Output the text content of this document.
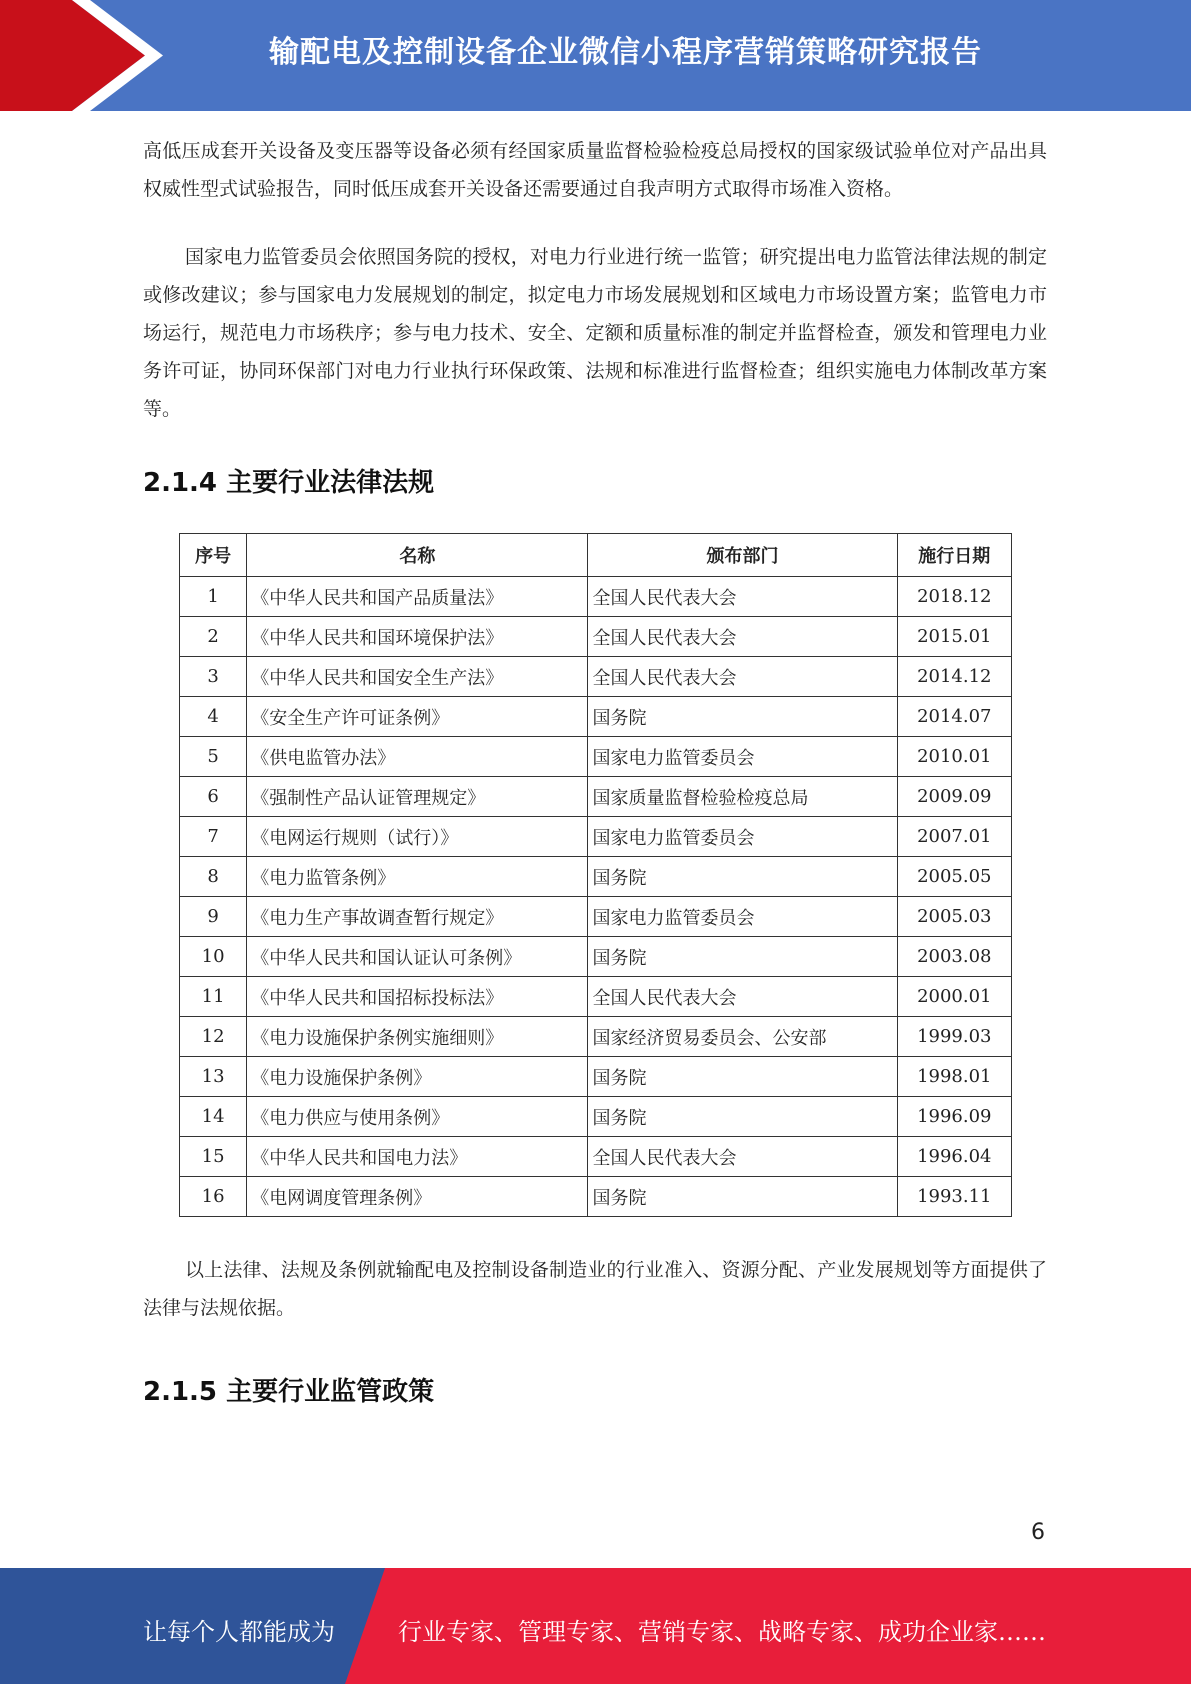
输配电及控制设备企业微信小程序营销策略研究报告

高低压成套开关设备及变压器等设备必须有经国家质量监督检验检疫总局授权的国家级试验单位对产品出具权威性型式试验报告，同时低压成套开关设备还需要通过自我声明方式取得市场准入资格。

国家电力监管委员会依照国务院的授权，对电力行业进行统一监管；研究提出电力监管法律法规的制定或修改建议；参与国家电力发展规划的制定，拟定电力市场发展规划和区域电力市场设置方案；监管电力市场运行，规范电力市场秩序；参与电力技术、安全、定额和质量标准的制定并监督检查，颁发和管理电力业务许可证，协同环保部门对电力行业执行环保政策、法规和标准进行监督检查；组织实施电力体制改革方案等。

2.1.4 主要行业法律法规
序号	名称	颁布部门	施行日期
1	《中华人民共和国产品质量法》	全国人民代表大会	2018.12
2	《中华人民共和国环境保护法》	全国人民代表大会	2015.01
3	《中华人民共和国安全生产法》	全国人民代表大会	2014.12
4	《安全生产许可证条例》	国务院	2014.07
5	《供电监管办法》	国家电力监管委员会	2010.01
6	《强制性产品认证管理规定》	国家质量监督检验检疫总局	2009.09
7	《电网运行规则（试行）》	国家电力监管委员会	2007.01
8	《电力监管条例》	国务院	2005.05
9	《电力生产事故调查暂行规定》	国家电力监管委员会	2005.03
10	《中华人民共和国认证认可条例》	国务院	2003.08
11	《中华人民共和国招标投标法》	全国人民代表大会	2000.01
12	《电力设施保护条例实施细则》	国家经济贸易委员会、公安部	1999.03
13	《电力设施保护条例》	国务院	1998.01
14	《电力供应与使用条例》	国务院	1996.09
15	《中华人民共和国电力法》	全国人民代表大会	1996.04
16	《电网调度管理条例》	国务院	1993.11

以上法律、法规及条例就输配电及控制设备制造业的行业准入、资源分配、产业发展规划等方面提供了法律与法规依据。

2.1.5 主要行业监管政策
6
让每个人都能成为	行业专家、管理专家、营销专家、战略专家、成功企业家……
